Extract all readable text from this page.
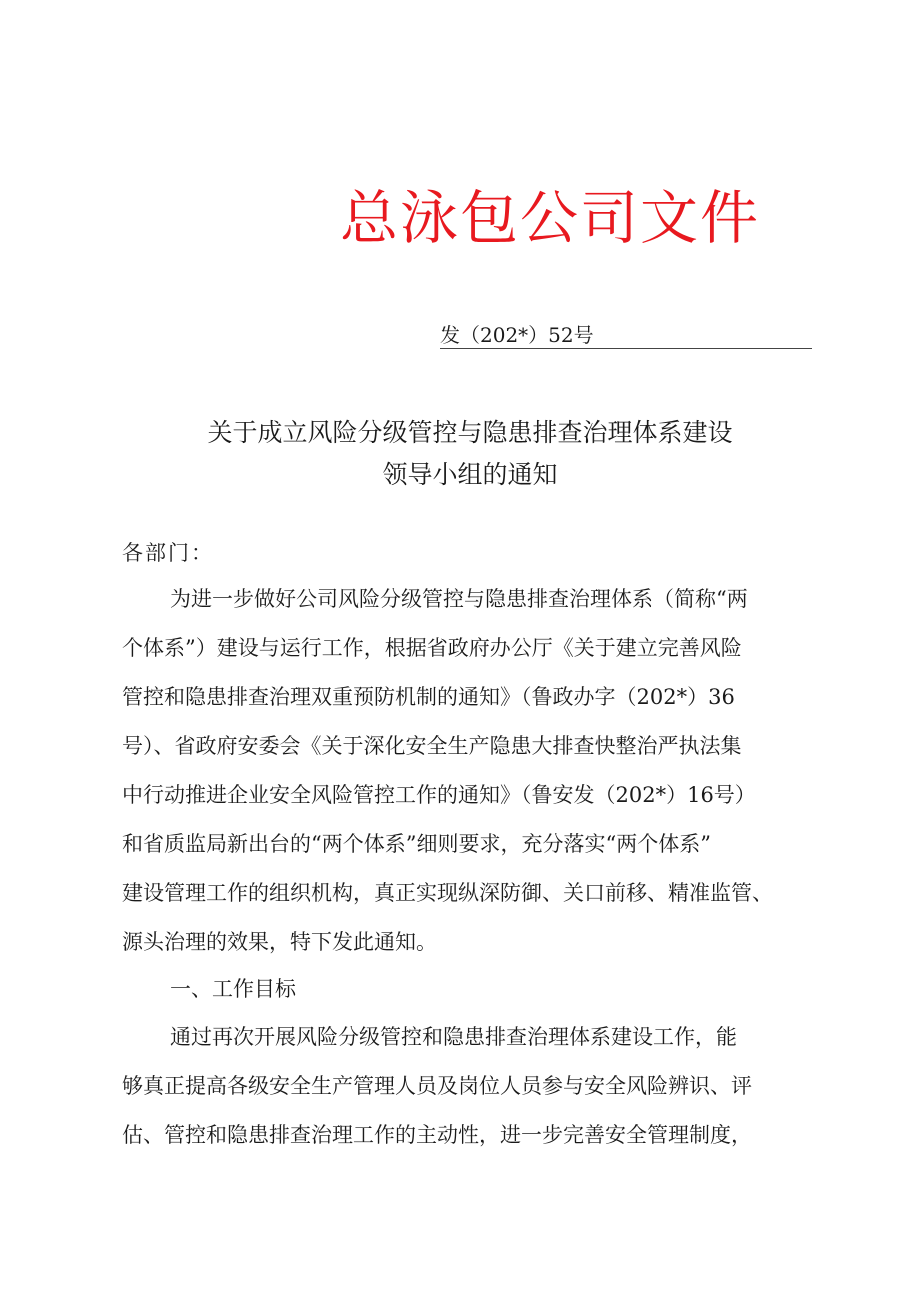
总泳包公司文件
发（202*）52号
关于成立风险分级管控与隐患排查治理体系建设
领导小组的通知
各部门：
为进一步做好公司风险分级管控与隐患排查治理体系（简称“两
个体系”）建设与运行工作，根据省政府办公厅《关于建立完善风险
管控和隐患排查治理双重预防机制的通知》（鲁政办字（202*）36
号）、省政府安委会《关于深化安全生产隐患大排查快整治严执法集
中行动推进企业安全风险管控工作的通知》（鲁安发（202*）16号）
和省质监局新出台的“两个体系”细则要求，充分落实“两个体系”
建设管理工作的组织机构，真正实现纵深防御、关口前移、精准监管、
源头治理的效果，特下发此通知。
一、工作目标
通过再次开展风险分级管控和隐患排查治理体系建设工作，能
够真正提高各级安全生产管理人员及岗位人员参与安全风险辨识、评
估、管控和隐患排查治理工作的主动性，进一步完善安全管理制度，
